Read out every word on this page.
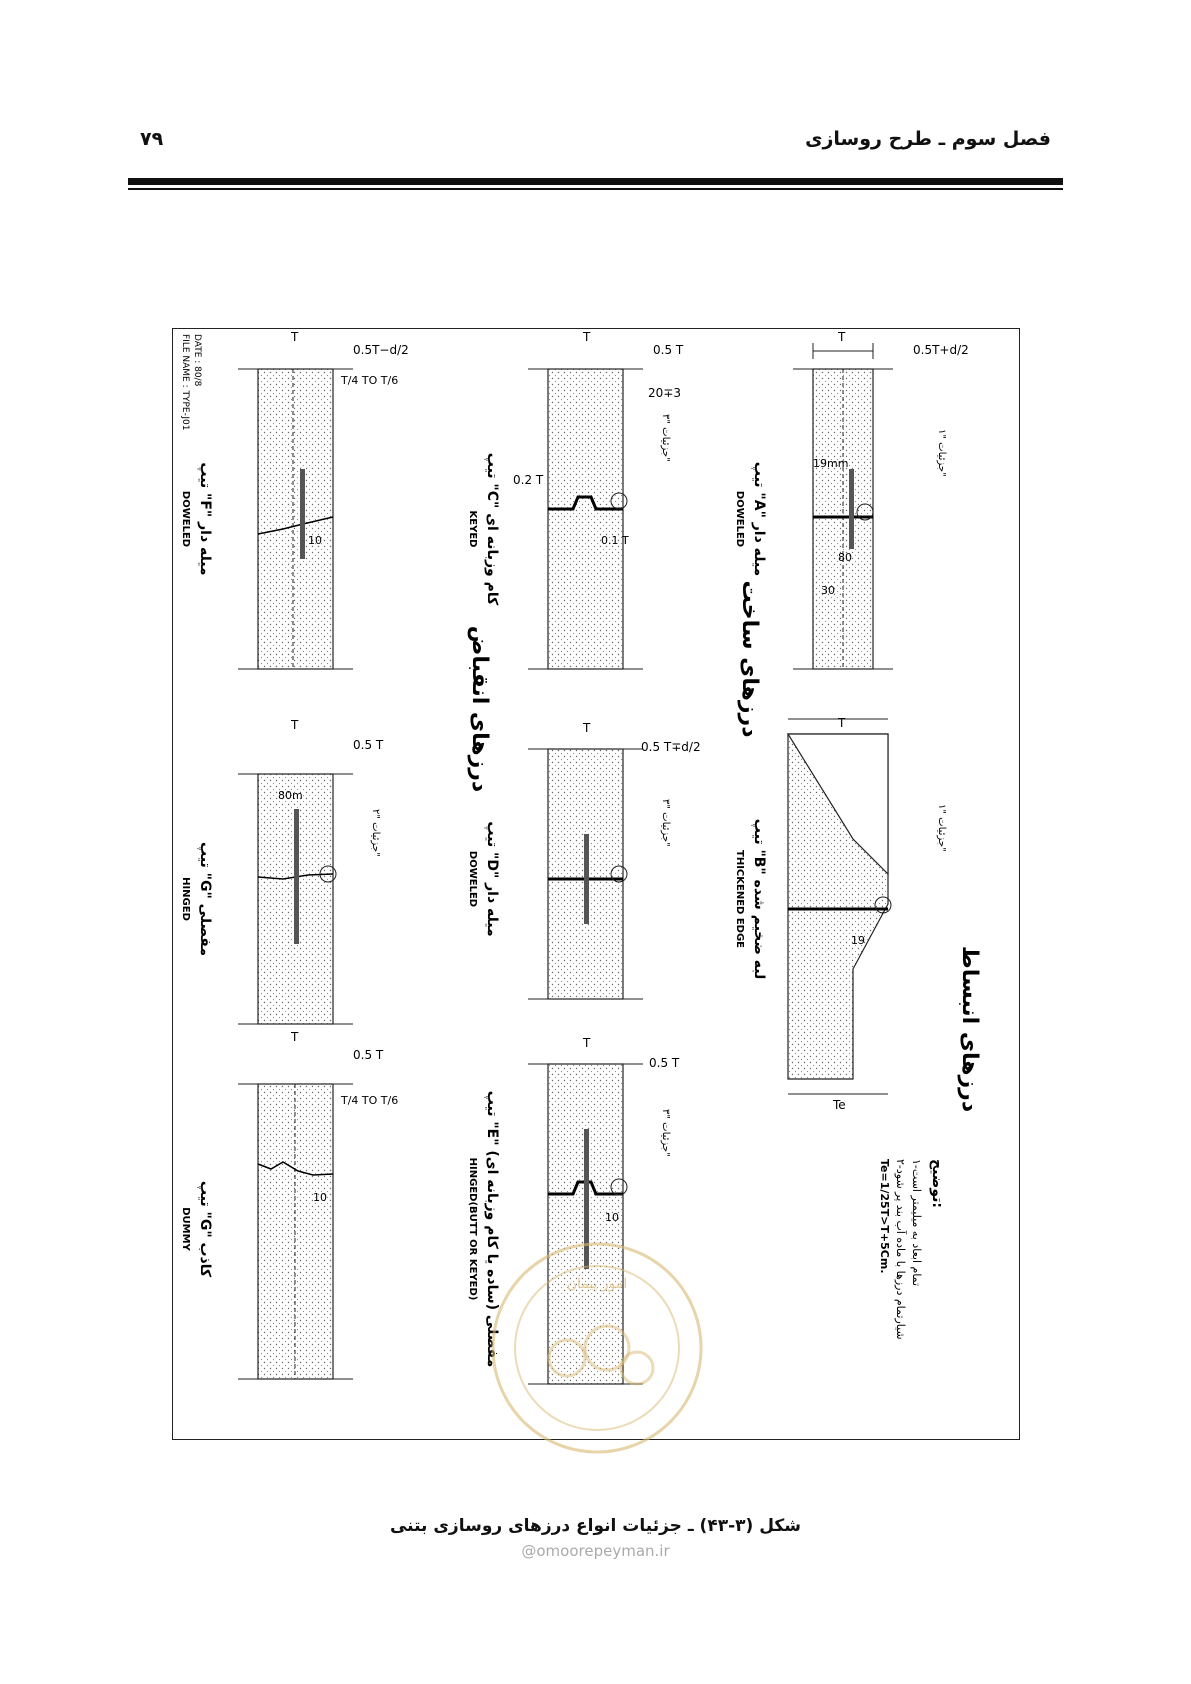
۷۹	فصل سوم ـ طرح روسازی
درزهای انبساط
درزهای ساخت
درزهای انقباض
تیپ "A" میله دار
DOWELED
تیپ "B" لبه ضخیم شده
THICKENED EDGE
تیپ "C" کام وزبانه ای
KEYED
تیپ "D" میله دار
DOWELED
تیپ "E" مفصلی (ساده یا کام وزبانه ای)
HINGED(BUTT OR KEYED)
تیپ "F" میله دار
DOWELED
تیپ "G" مفصلی
HINGED
تیپ "G" کاذب
DUMMY
0.5T+d/2
T
19mm
80
30
T
19
Te
0.5 T
T
20∓3
0.2 T
0.1 T
0.5 T∓d/2
T
0.5 T
T
10
0.5T−d/2
T
T/4 TO T/6
10
0.5 T
T
80m
0.5 T
T
T/4 TO T/6
10
جزئیات "۱"
جزئیات "۱"
جزئیات "۳"
جزئیات "۳"
جزئیات "۳"
جزئیات "۲"
توضیح:
۱-تمام ابعاد به میلیمتر است
۲-شیارتمام درزها با ماده آب بند پر شود
Te=1/25T>T+5Cm.
FILE NAME : TYPE-J01 DATE : 80/8
امور پیمان
شکل (۳-۴۳) ـ جزئیات انواع درزهای روسازی بتنی
@omoorepeyman.ir
